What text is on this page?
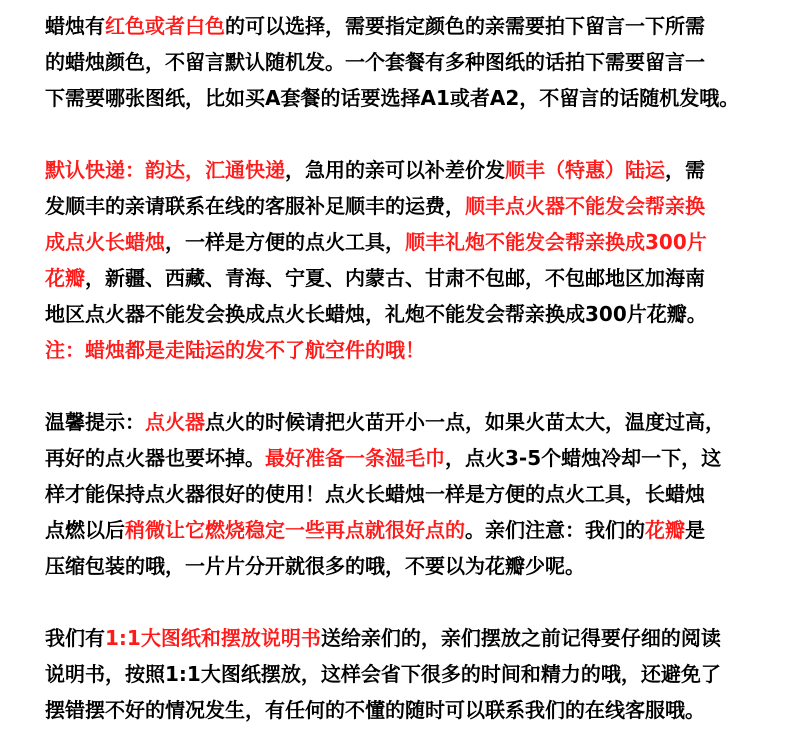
蜡烛有红色或者白色的可以选择，需要指定颜色的亲需要拍下留言一下所需
的蜡烛颜色，不留言默认随机发。一个套餐有多种图纸的话拍下需要留言一
下需要哪张图纸，比如买A套餐的话要选择A1或者A2，不留言的话随机发哦。

默认快递：韵达，汇通快递，急用的亲可以补差价发顺丰（特惠）陆运，需
发顺丰的亲请联系在线的客服补足顺丰的运费，顺丰点火器不能发会帮亲换
成点火长蜡烛，一样是方便的点火工具，顺丰礼炮不能发会帮亲换成300片
花瓣，新疆、西藏、青海、宁夏、内蒙古、甘肃不包邮，不包邮地区加海南
地区点火器不能发会换成点火长蜡烛，礼炮不能发会帮亲换成300片花瓣。
注：蜡烛都是走陆运的发不了航空件的哦！

温馨提示：点火器点火的时候请把火苗开小一点，如果火苗太大，温度过高，
再好的点火器也要坏掉。最好准备一条湿毛巾，点火3-5个蜡烛冷却一下，这
样才能保持点火器很好的使用！点火长蜡烛一样是方便的点火工具，长蜡烛
点燃以后稍微让它燃烧稳定一些再点就很好点的。亲们注意：我们的花瓣是
压缩包装的哦，一片片分开就很多的哦，不要以为花瓣少呢。

我们有1:1大图纸和摆放说明书送给亲们的，亲们摆放之前记得要仔细的阅读
说明书，按照1:1大图纸摆放，这样会省下很多的时间和精力的哦，还避免了
摆错摆不好的情况发生，有任何的不懂的随时可以联系我们的在线客服哦。
